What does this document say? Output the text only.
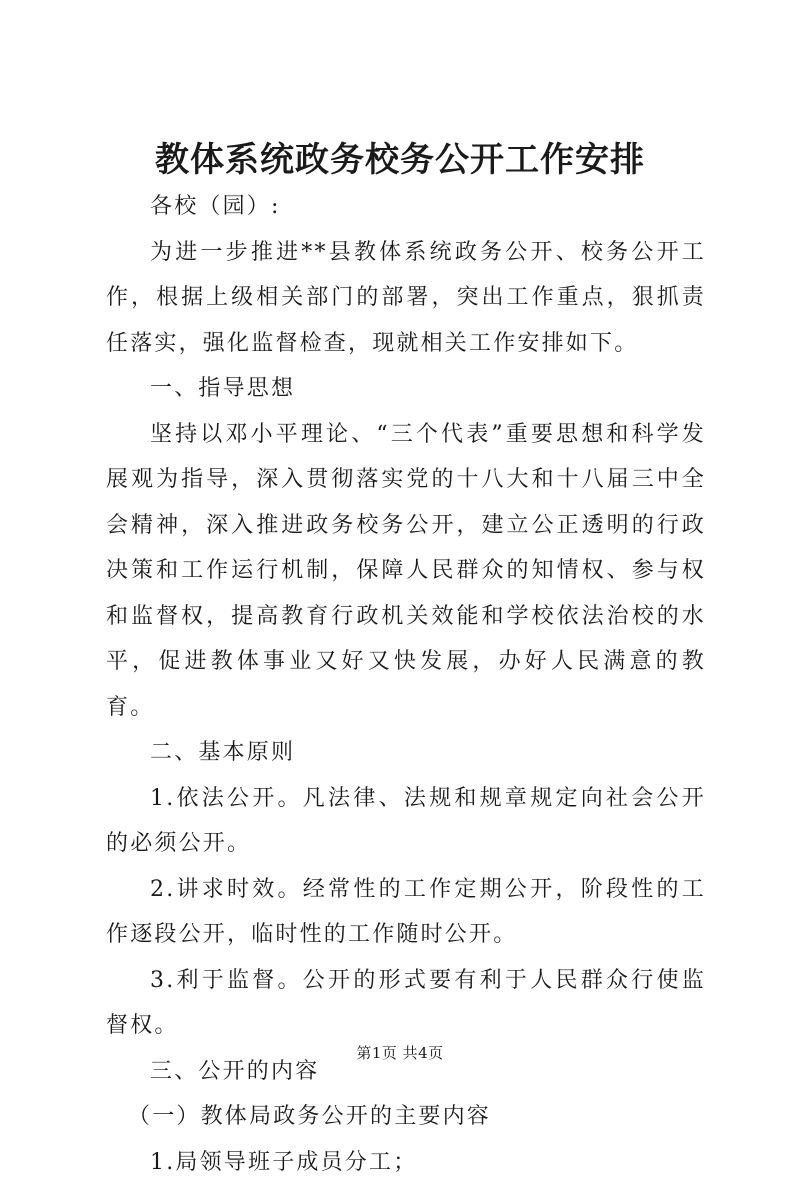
教体系统政务校务公开工作安排

各校（园）:

为进一步推进**县教体系统政务公开、校务公开工作，根据上级相关部门的部署，突出工作重点，狠抓责任落实，强化监督检查，现就相关工作安排如下。

一、指导思想

坚持以邓小平理论、“三个代表”重要思想和科学发展观为指导，深入贯彻落实党的十八大和十八届三中全会精神，深入推进政务校务公开，建立公正透明的行政决策和工作运行机制，保障人民群众的知情权、参与权和监督权，提高教育行政机关效能和学校依法治校的水平，促进教体事业又好又快发展，办好人民满意的教育。

二、基本原则

1.依法公开。凡法律、法规和规章规定向社会公开的必须公开。

2.讲求时效。经常性的工作定期公开，阶段性的工作逐段公开，临时性的工作随时公开。

3.利于监督。公开的形式要有利于人民群众行使监督权。

三、公开的内容

（一）教体局政务公开的主要内容

1.局领导班子成员分工；

第1页 共4页
